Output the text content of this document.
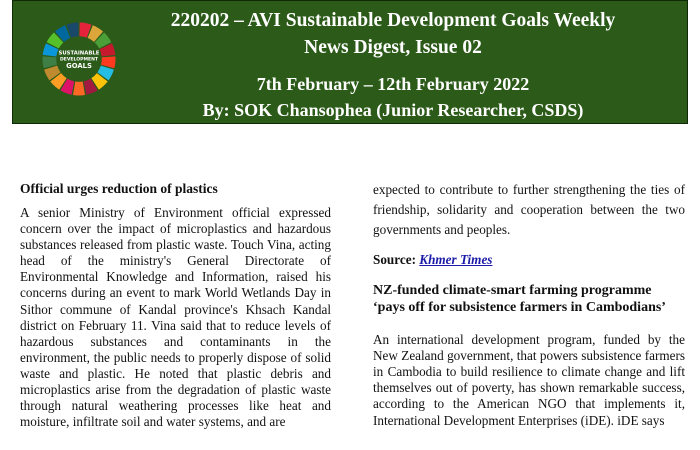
SUSTAINABLE
DEVELOPMENT
GOALS
220202 – AVI Sustainable Development Goals Weekly
News Digest, Issue 02
7th February – 12th February 2022
By: SOK Chansophea (Junior Researcher, CSDS)
Official urges reduction of plastics

A senior Ministry of Environment official expressed concern over the impact of microplastics and hazardous substances released from plastic waste. Touch Vina, acting head of the ministry's General Directorate of Environmental Knowledge and Information, raised his concerns during an event to mark World Wetlands Day in Sithor commune of Kandal province's Khsach Kandal district on February 11. Vina said that to reduce levels of hazardous substances and contaminants in the environment, the public needs to properly dispose of solid waste and plastic. He noted that plastic debris and microplastics arise from the degradation of plastic waste through natural weathering processes like heat and moisture, infiltrate soil and water systems, and are

expected to contribute to further strengthening the ties of friendship, solidarity and cooperation between the two governments and peoples.

Source: Khmer Times
NZ-funded climate-smart farming programme
‘pays off for subsistence farmers in Cambodians’

An international development program, funded by the New Zealand government, that powers subsistence farmers in Cambodia to build resilience to climate change and lift themselves out of poverty, has shown remarkable success, according to the American NGO that implements it, International Development Enterprises (iDE). iDE says
